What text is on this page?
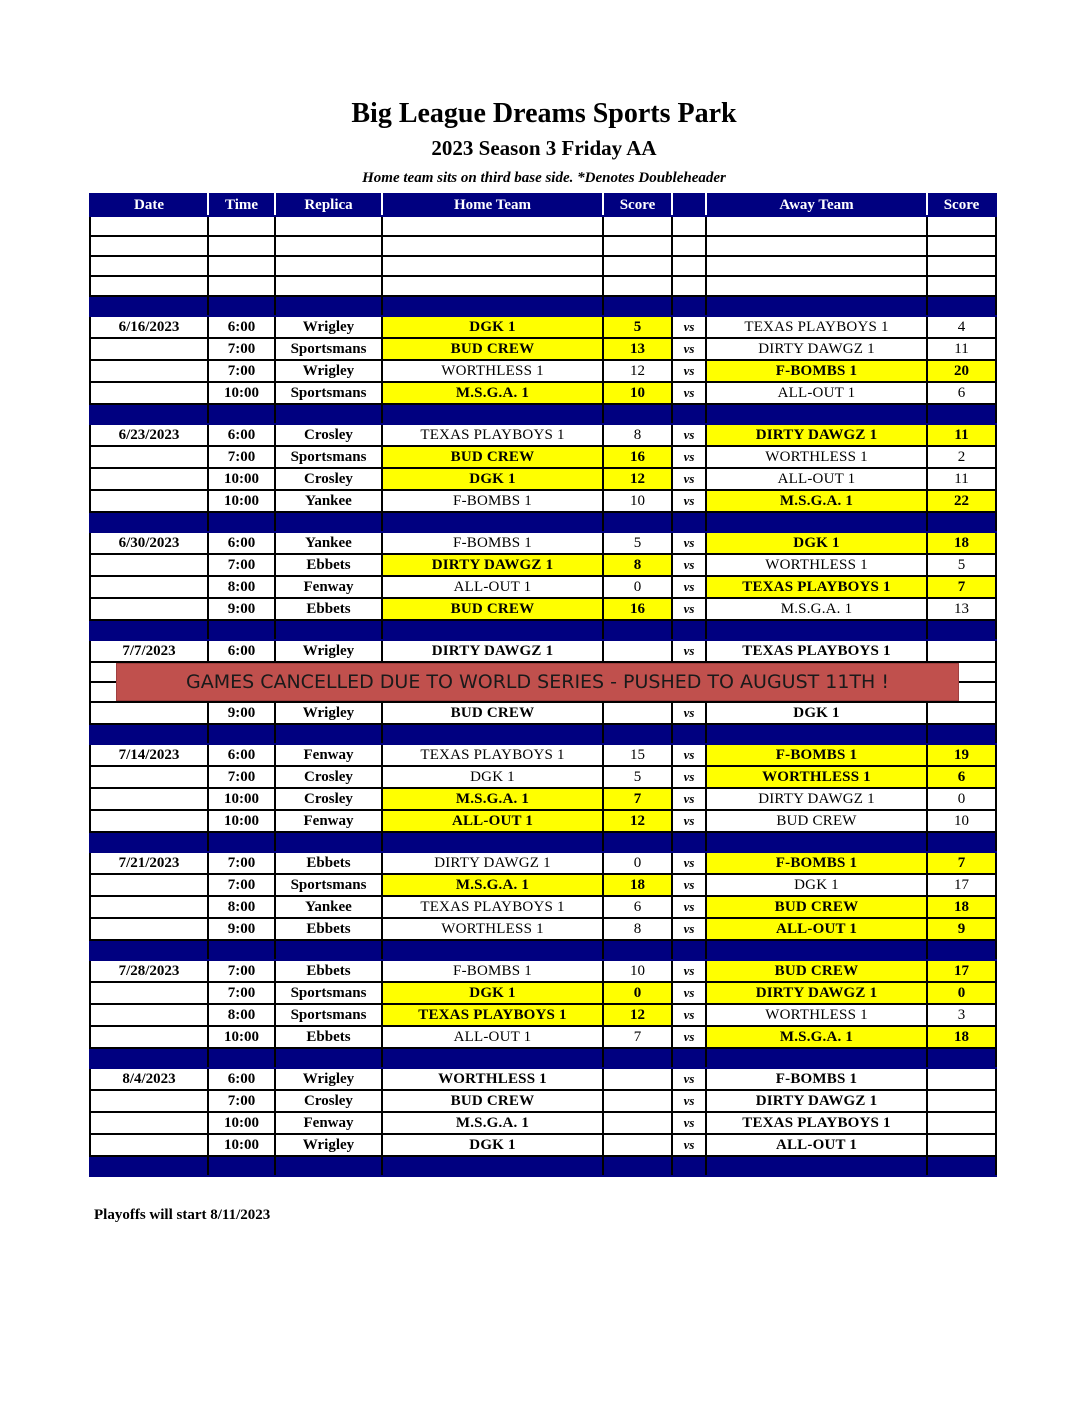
Big League Dreams Sports Park
2023 Season 3 Friday AA
Home team sits on third base side. *Denotes Doubleheader
Date	Time	Replica	Home Team	Score		Away Team	Score

6/16/2023	6:00	Wrigley	DGK 1	5	vs	TEXAS PLAYBOYS 1	4
	7:00	Sportsmans	BUD CREW	13	vs	DIRTY DAWGZ 1	11
	7:00	Wrigley	WORTHLESS 1	12	vs	F-BOMBS 1	20
	10:00	Sportsmans	M.S.G.A. 1	10	vs	ALL-OUT 1	6

6/23/2023	6:00	Crosley	TEXAS PLAYBOYS 1	8	vs	DIRTY DAWGZ 1	11
	7:00	Sportsmans	BUD CREW	16	vs	WORTHLESS 1	2
	10:00	Crosley	DGK 1	12	vs	ALL-OUT 1	11
	10:00	Yankee	F-BOMBS 1	10	vs	M.S.G.A. 1	22

6/30/2023	6:00	Yankee	F-BOMBS 1	5	vs	DGK 1	18
	7:00	Ebbets	DIRTY DAWGZ 1	8	vs	WORTHLESS 1	5
	8:00	Fenway	ALL-OUT 1	0	vs	TEXAS PLAYBOYS 1	7
	9:00	Ebbets	BUD CREW	16	vs	M.S.G.A. 1	13

7/7/2023	6:00	Wrigley	DIRTY DAWGZ 1		vs	TEXAS PLAYBOYS 1	

	9:00	Wrigley	BUD CREW		vs	DGK 1	

7/14/2023	6:00	Fenway	TEXAS PLAYBOYS 1	15	vs	F-BOMBS 1	19
	7:00	Crosley	DGK 1	5	vs	WORTHLESS 1	6
	10:00	Crosley	M.S.G.A. 1	7	vs	DIRTY DAWGZ 1	0
	10:00	Fenway	ALL-OUT 1	12	vs	BUD CREW	10

7/21/2023	7:00	Ebbets	DIRTY DAWGZ 1	0	vs	F-BOMBS 1	7
	7:00	Sportsmans	M.S.G.A. 1	18	vs	DGK 1	17
	8:00	Yankee	TEXAS PLAYBOYS 1	6	vs	BUD CREW	18
	9:00	Ebbets	WORTHLESS 1	8	vs	ALL-OUT 1	9

7/28/2023	7:00	Ebbets	F-BOMBS 1	10	vs	BUD CREW	17
	7:00	Sportsmans	DGK 1	0	vs	DIRTY DAWGZ 1	0
	8:00	Sportsmans	TEXAS PLAYBOYS 1	12	vs	WORTHLESS 1	3
	10:00	Ebbets	ALL-OUT 1	7	vs	M.S.G.A. 1	18

8/4/2023	6:00	Wrigley	WORTHLESS 1		vs	F-BOMBS 1	
	7:00	Crosley	BUD CREW		vs	DIRTY DAWGZ 1	
	10:00	Fenway	M.S.G.A. 1		vs	TEXAS PLAYBOYS 1	
	10:00	Wrigley	DGK 1		vs	ALL-OUT 1	

GAMES CANCELLED DUE TO WORLD SERIES - PUSHED TO AUGUST 11TH !
Playoffs will start 8/11/2023
